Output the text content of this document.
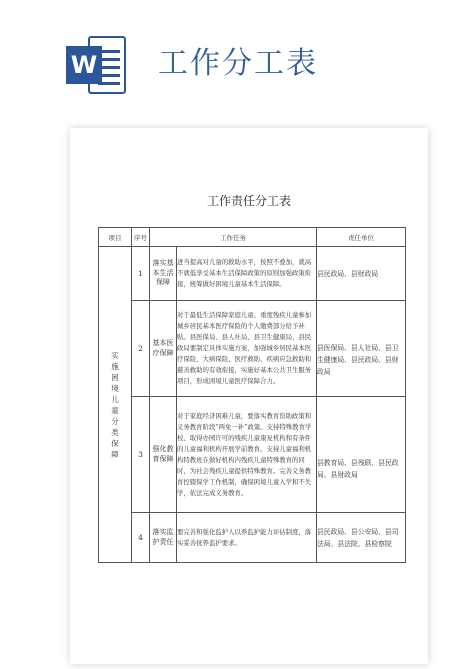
W 工作分工表
工作责任分工表
项目	序号	工作任务		责任单位

实施困境儿童分类保障	1	落实基本生活保障	进当提高对儿童的救助水平，按照不叠加，就高不就低享受基本生活保障政策的原则加强政策衔接，统筹做好困境儿童基本生活保障。	县民政局、县财政局
	2	基本医疗保障	对于最低生活保障家庭儿童、重度残疾儿童参加城乡居民基本医疗保险的个人缴费部分给予补贴。县医保局、县人社局、县卫生健康局、县民政局要制定具体实施方案，加强城乡居民基本医疗保险、大病保险、医疗救助、疾病应急救助和慈善救助的有效衔接，实施好基本公共卫生服务项目，形成困境儿童医疗保障合力。	县医保局、县人社局、县卫生健康局、县民政局、县财政局
	3	强化教育保障	对于家庭经济困难儿童，要落实教育资助政策和义务教育阶段“两免一补”政策。支持特殊教育学校、取得办园许可的残疾儿童康复机构和有条件的儿童福利机构开展学前教育。支持儿童福利机构特教班在做好机构内残疾儿童特殊教育的同时，为社会残疾儿童提供特殊教育。完善义务教育控辍保学工作机制，确保困境儿童入学和不失学，依法完成义务教育。	县教育局、县残联、县民政局、县财政局
	4	落实监护责任	要完善和强化监护人以养监护能力评估制度，落实妥善抚养监护要求。	县民政局、县公安局、县司法局、县法院、县检察院
